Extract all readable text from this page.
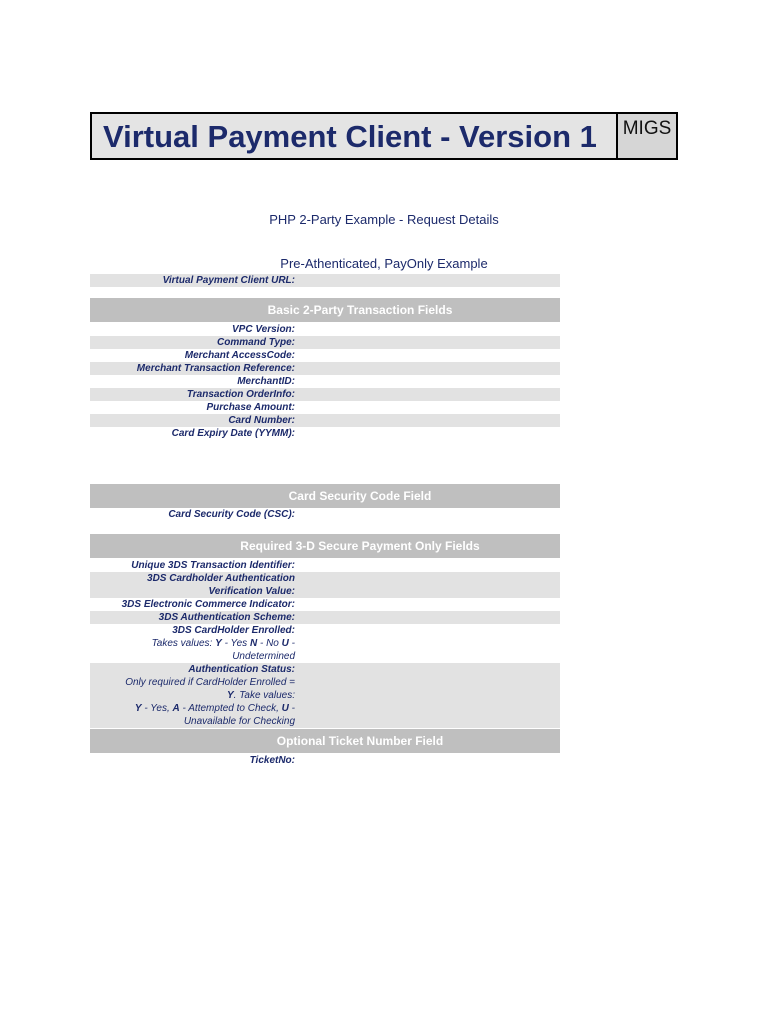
Virtual Payment Client - Version 1	MIGS
PHP 2-Party Example - Request Details
Pre-Athenticated, PayOnly Example
Virtual Payment Client URL:
Basic 2-Party Transaction Fields
VPC Version:
Command Type:
Merchant AccessCode:
Merchant Transaction Reference:
MerchantID:
Transaction OrderInfo:
Purchase Amount:
Card Number:
Card Expiry Date (YYMM):
Card Security Code Field
Card Security Code (CSC):
Required 3-D Secure Payment Only Fields
Unique 3DS Transaction Identifier:
3DS Cardholder Authentication
Verification Value:
3DS Electronic Commerce Indicator:
3DS Authentication Scheme:
3DS CardHolder Enrolled:
Takes values: Y - Yes N - No U -
Undetermined
Authentication Status:
Only required if CardHolder Enrolled =
Y. Take values:
Y - Yes, A - Attempted to Check, U -
Unavailable for Checking
Optional Ticket Number Field
TicketNo:
